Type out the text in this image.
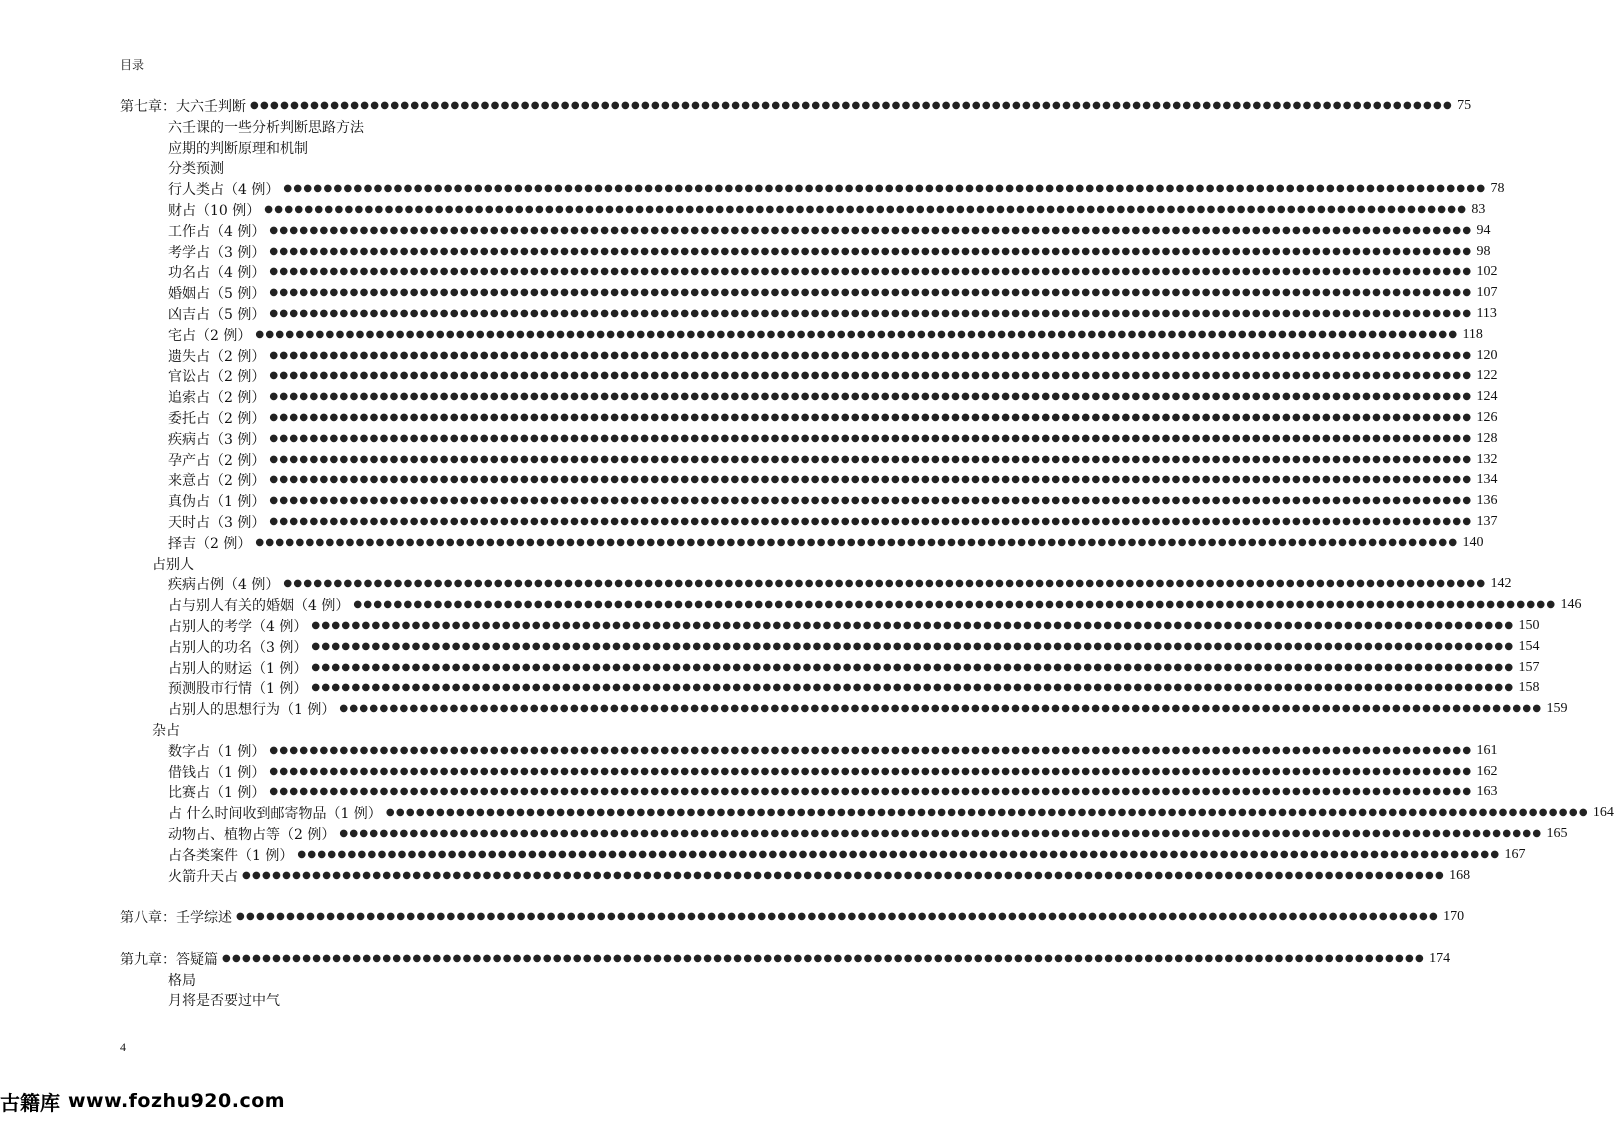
目录
第七章：大六壬判断 ●●●●●●●●●●●●●●●●●●●●●●●●●●●●●●●●●●●●●●●●●●●●●●●●●●●●●●●●●●●●●●●●●●●●●●●●●●●●●●●●●●●●●●●●●●●●●●●●●●●●●●●●●●●●●●●●●●●●●●●● 75
六壬课的一些分析判断思路方法
应期的判断原理和机制
分类预测
行人类占（4 例） ●●●●●●●●●●●●●●●●●●●●●●●●●●●●●●●●●●●●●●●●●●●●●●●●●●●●●●●●●●●●●●●●●●●●●●●●●●●●●●●●●●●●●●●●●●●●●●●●●●●●●●●●●●●●●●●●●●●●●●●● 78
财占（10 例） ●●●●●●●●●●●●●●●●●●●●●●●●●●●●●●●●●●●●●●●●●●●●●●●●●●●●●●●●●●●●●●●●●●●●●●●●●●●●●●●●●●●●●●●●●●●●●●●●●●●●●●●●●●●●●●●●●●●●●●●● 83
工作占（4 例） ●●●●●●●●●●●●●●●●●●●●●●●●●●●●●●●●●●●●●●●●●●●●●●●●●●●●●●●●●●●●●●●●●●●●●●●●●●●●●●●●●●●●●●●●●●●●●●●●●●●●●●●●●●●●●●●●●●●●●●●● 94
考学占（3 例） ●●●●●●●●●●●●●●●●●●●●●●●●●●●●●●●●●●●●●●●●●●●●●●●●●●●●●●●●●●●●●●●●●●●●●●●●●●●●●●●●●●●●●●●●●●●●●●●●●●●●●●●●●●●●●●●●●●●●●●●● 98
功名占（4 例） ●●●●●●●●●●●●●●●●●●●●●●●●●●●●●●●●●●●●●●●●●●●●●●●●●●●●●●●●●●●●●●●●●●●●●●●●●●●●●●●●●●●●●●●●●●●●●●●●●●●●●●●●●●●●●●●●●●●●●●●● 102
婚姻占（5 例） ●●●●●●●●●●●●●●●●●●●●●●●●●●●●●●●●●●●●●●●●●●●●●●●●●●●●●●●●●●●●●●●●●●●●●●●●●●●●●●●●●●●●●●●●●●●●●●●●●●●●●●●●●●●●●●●●●●●●●●●● 107
凶吉占（5 例） ●●●●●●●●●●●●●●●●●●●●●●●●●●●●●●●●●●●●●●●●●●●●●●●●●●●●●●●●●●●●●●●●●●●●●●●●●●●●●●●●●●●●●●●●●●●●●●●●●●●●●●●●●●●●●●●●●●●●●●●● 113
宅占（2 例） ●●●●●●●●●●●●●●●●●●●●●●●●●●●●●●●●●●●●●●●●●●●●●●●●●●●●●●●●●●●●●●●●●●●●●●●●●●●●●●●●●●●●●●●●●●●●●●●●●●●●●●●●●●●●●●●●●●●●●●●● 118
遗失占（2 例） ●●●●●●●●●●●●●●●●●●●●●●●●●●●●●●●●●●●●●●●●●●●●●●●●●●●●●●●●●●●●●●●●●●●●●●●●●●●●●●●●●●●●●●●●●●●●●●●●●●●●●●●●●●●●●●●●●●●●●●●● 120
官讼占（2 例） ●●●●●●●●●●●●●●●●●●●●●●●●●●●●●●●●●●●●●●●●●●●●●●●●●●●●●●●●●●●●●●●●●●●●●●●●●●●●●●●●●●●●●●●●●●●●●●●●●●●●●●●●●●●●●●●●●●●●●●●● 122
追索占（2 例） ●●●●●●●●●●●●●●●●●●●●●●●●●●●●●●●●●●●●●●●●●●●●●●●●●●●●●●●●●●●●●●●●●●●●●●●●●●●●●●●●●●●●●●●●●●●●●●●●●●●●●●●●●●●●●●●●●●●●●●●● 124
委托占（2 例） ●●●●●●●●●●●●●●●●●●●●●●●●●●●●●●●●●●●●●●●●●●●●●●●●●●●●●●●●●●●●●●●●●●●●●●●●●●●●●●●●●●●●●●●●●●●●●●●●●●●●●●●●●●●●●●●●●●●●●●●● 126
疾病占（3 例） ●●●●●●●●●●●●●●●●●●●●●●●●●●●●●●●●●●●●●●●●●●●●●●●●●●●●●●●●●●●●●●●●●●●●●●●●●●●●●●●●●●●●●●●●●●●●●●●●●●●●●●●●●●●●●●●●●●●●●●●● 128
孕产占（2 例） ●●●●●●●●●●●●●●●●●●●●●●●●●●●●●●●●●●●●●●●●●●●●●●●●●●●●●●●●●●●●●●●●●●●●●●●●●●●●●●●●●●●●●●●●●●●●●●●●●●●●●●●●●●●●●●●●●●●●●●●● 132
来意占（2 例） ●●●●●●●●●●●●●●●●●●●●●●●●●●●●●●●●●●●●●●●●●●●●●●●●●●●●●●●●●●●●●●●●●●●●●●●●●●●●●●●●●●●●●●●●●●●●●●●●●●●●●●●●●●●●●●●●●●●●●●●● 134
真伪占（1 例） ●●●●●●●●●●●●●●●●●●●●●●●●●●●●●●●●●●●●●●●●●●●●●●●●●●●●●●●●●●●●●●●●●●●●●●●●●●●●●●●●●●●●●●●●●●●●●●●●●●●●●●●●●●●●●●●●●●●●●●●● 136
天时占（3 例） ●●●●●●●●●●●●●●●●●●●●●●●●●●●●●●●●●●●●●●●●●●●●●●●●●●●●●●●●●●●●●●●●●●●●●●●●●●●●●●●●●●●●●●●●●●●●●●●●●●●●●●●●●●●●●●●●●●●●●●●● 137
择吉（2 例） ●●●●●●●●●●●●●●●●●●●●●●●●●●●●●●●●●●●●●●●●●●●●●●●●●●●●●●●●●●●●●●●●●●●●●●●●●●●●●●●●●●●●●●●●●●●●●●●●●●●●●●●●●●●●●●●●●●●●●●●● 140
占别人
疾病占例（4 例） ●●●●●●●●●●●●●●●●●●●●●●●●●●●●●●●●●●●●●●●●●●●●●●●●●●●●●●●●●●●●●●●●●●●●●●●●●●●●●●●●●●●●●●●●●●●●●●●●●●●●●●●●●●●●●●●●●●●●●●●● 142
占与别人有关的婚姻（4 例） ●●●●●●●●●●●●●●●●●●●●●●●●●●●●●●●●●●●●●●●●●●●●●●●●●●●●●●●●●●●●●●●●●●●●●●●●●●●●●●●●●●●●●●●●●●●●●●●●●●●●●●●●●●●●●●●●●●●●●●●● 146
占别人的考学（4 例） ●●●●●●●●●●●●●●●●●●●●●●●●●●●●●●●●●●●●●●●●●●●●●●●●●●●●●●●●●●●●●●●●●●●●●●●●●●●●●●●●●●●●●●●●●●●●●●●●●●●●●●●●●●●●●●●●●●●●●●●● 150
占别人的功名（3 例） ●●●●●●●●●●●●●●●●●●●●●●●●●●●●●●●●●●●●●●●●●●●●●●●●●●●●●●●●●●●●●●●●●●●●●●●●●●●●●●●●●●●●●●●●●●●●●●●●●●●●●●●●●●●●●●●●●●●●●●●● 154
占别人的财运（1 例） ●●●●●●●●●●●●●●●●●●●●●●●●●●●●●●●●●●●●●●●●●●●●●●●●●●●●●●●●●●●●●●●●●●●●●●●●●●●●●●●●●●●●●●●●●●●●●●●●●●●●●●●●●●●●●●●●●●●●●●●● 157
预测股市行情（1 例） ●●●●●●●●●●●●●●●●●●●●●●●●●●●●●●●●●●●●●●●●●●●●●●●●●●●●●●●●●●●●●●●●●●●●●●●●●●●●●●●●●●●●●●●●●●●●●●●●●●●●●●●●●●●●●●●●●●●●●●●● 158
占别人的思想行为（1 例） ●●●●●●●●●●●●●●●●●●●●●●●●●●●●●●●●●●●●●●●●●●●●●●●●●●●●●●●●●●●●●●●●●●●●●●●●●●●●●●●●●●●●●●●●●●●●●●●●●●●●●●●●●●●●●●●●●●●●●●●● 159
杂占
数字占（1 例） ●●●●●●●●●●●●●●●●●●●●●●●●●●●●●●●●●●●●●●●●●●●●●●●●●●●●●●●●●●●●●●●●●●●●●●●●●●●●●●●●●●●●●●●●●●●●●●●●●●●●●●●●●●●●●●●●●●●●●●●● 161
借钱占（1 例） ●●●●●●●●●●●●●●●●●●●●●●●●●●●●●●●●●●●●●●●●●●●●●●●●●●●●●●●●●●●●●●●●●●●●●●●●●●●●●●●●●●●●●●●●●●●●●●●●●●●●●●●●●●●●●●●●●●●●●●●● 162
比赛占（1 例） ●●●●●●●●●●●●●●●●●●●●●●●●●●●●●●●●●●●●●●●●●●●●●●●●●●●●●●●●●●●●●●●●●●●●●●●●●●●●●●●●●●●●●●●●●●●●●●●●●●●●●●●●●●●●●●●●●●●●●●●● 163
占 什么时间收到邮寄物品（1 例） ●●●●●●●●●●●●●●●●●●●●●●●●●●●●●●●●●●●●●●●●●●●●●●●●●●●●●●●●●●●●●●●●●●●●●●●●●●●●●●●●●●●●●●●●●●●●●●●●●●●●●●●●●●●●●●●●●●●●●●●● 164
动物占、植物占等（2 例） ●●●●●●●●●●●●●●●●●●●●●●●●●●●●●●●●●●●●●●●●●●●●●●●●●●●●●●●●●●●●●●●●●●●●●●●●●●●●●●●●●●●●●●●●●●●●●●●●●●●●●●●●●●●●●●●●●●●●●●●● 165
占各类案件（1 例） ●●●●●●●●●●●●●●●●●●●●●●●●●●●●●●●●●●●●●●●●●●●●●●●●●●●●●●●●●●●●●●●●●●●●●●●●●●●●●●●●●●●●●●●●●●●●●●●●●●●●●●●●●●●●●●●●●●●●●●●● 167
火箭升天占 ●●●●●●●●●●●●●●●●●●●●●●●●●●●●●●●●●●●●●●●●●●●●●●●●●●●●●●●●●●●●●●●●●●●●●●●●●●●●●●●●●●●●●●●●●●●●●●●●●●●●●●●●●●●●●●●●●●●●●●●● 168
第八章：壬学综述 ●●●●●●●●●●●●●●●●●●●●●●●●●●●●●●●●●●●●●●●●●●●●●●●●●●●●●●●●●●●●●●●●●●●●●●●●●●●●●●●●●●●●●●●●●●●●●●●●●●●●●●●●●●●●●●●●●●●●●●●● 170
第九章：答疑篇 ●●●●●●●●●●●●●●●●●●●●●●●●●●●●●●●●●●●●●●●●●●●●●●●●●●●●●●●●●●●●●●●●●●●●●●●●●●●●●●●●●●●●●●●●●●●●●●●●●●●●●●●●●●●●●●●●●●●●●●●● 174
格局
月将是否要过中气
4
古籍库 www.fozhu920.com
